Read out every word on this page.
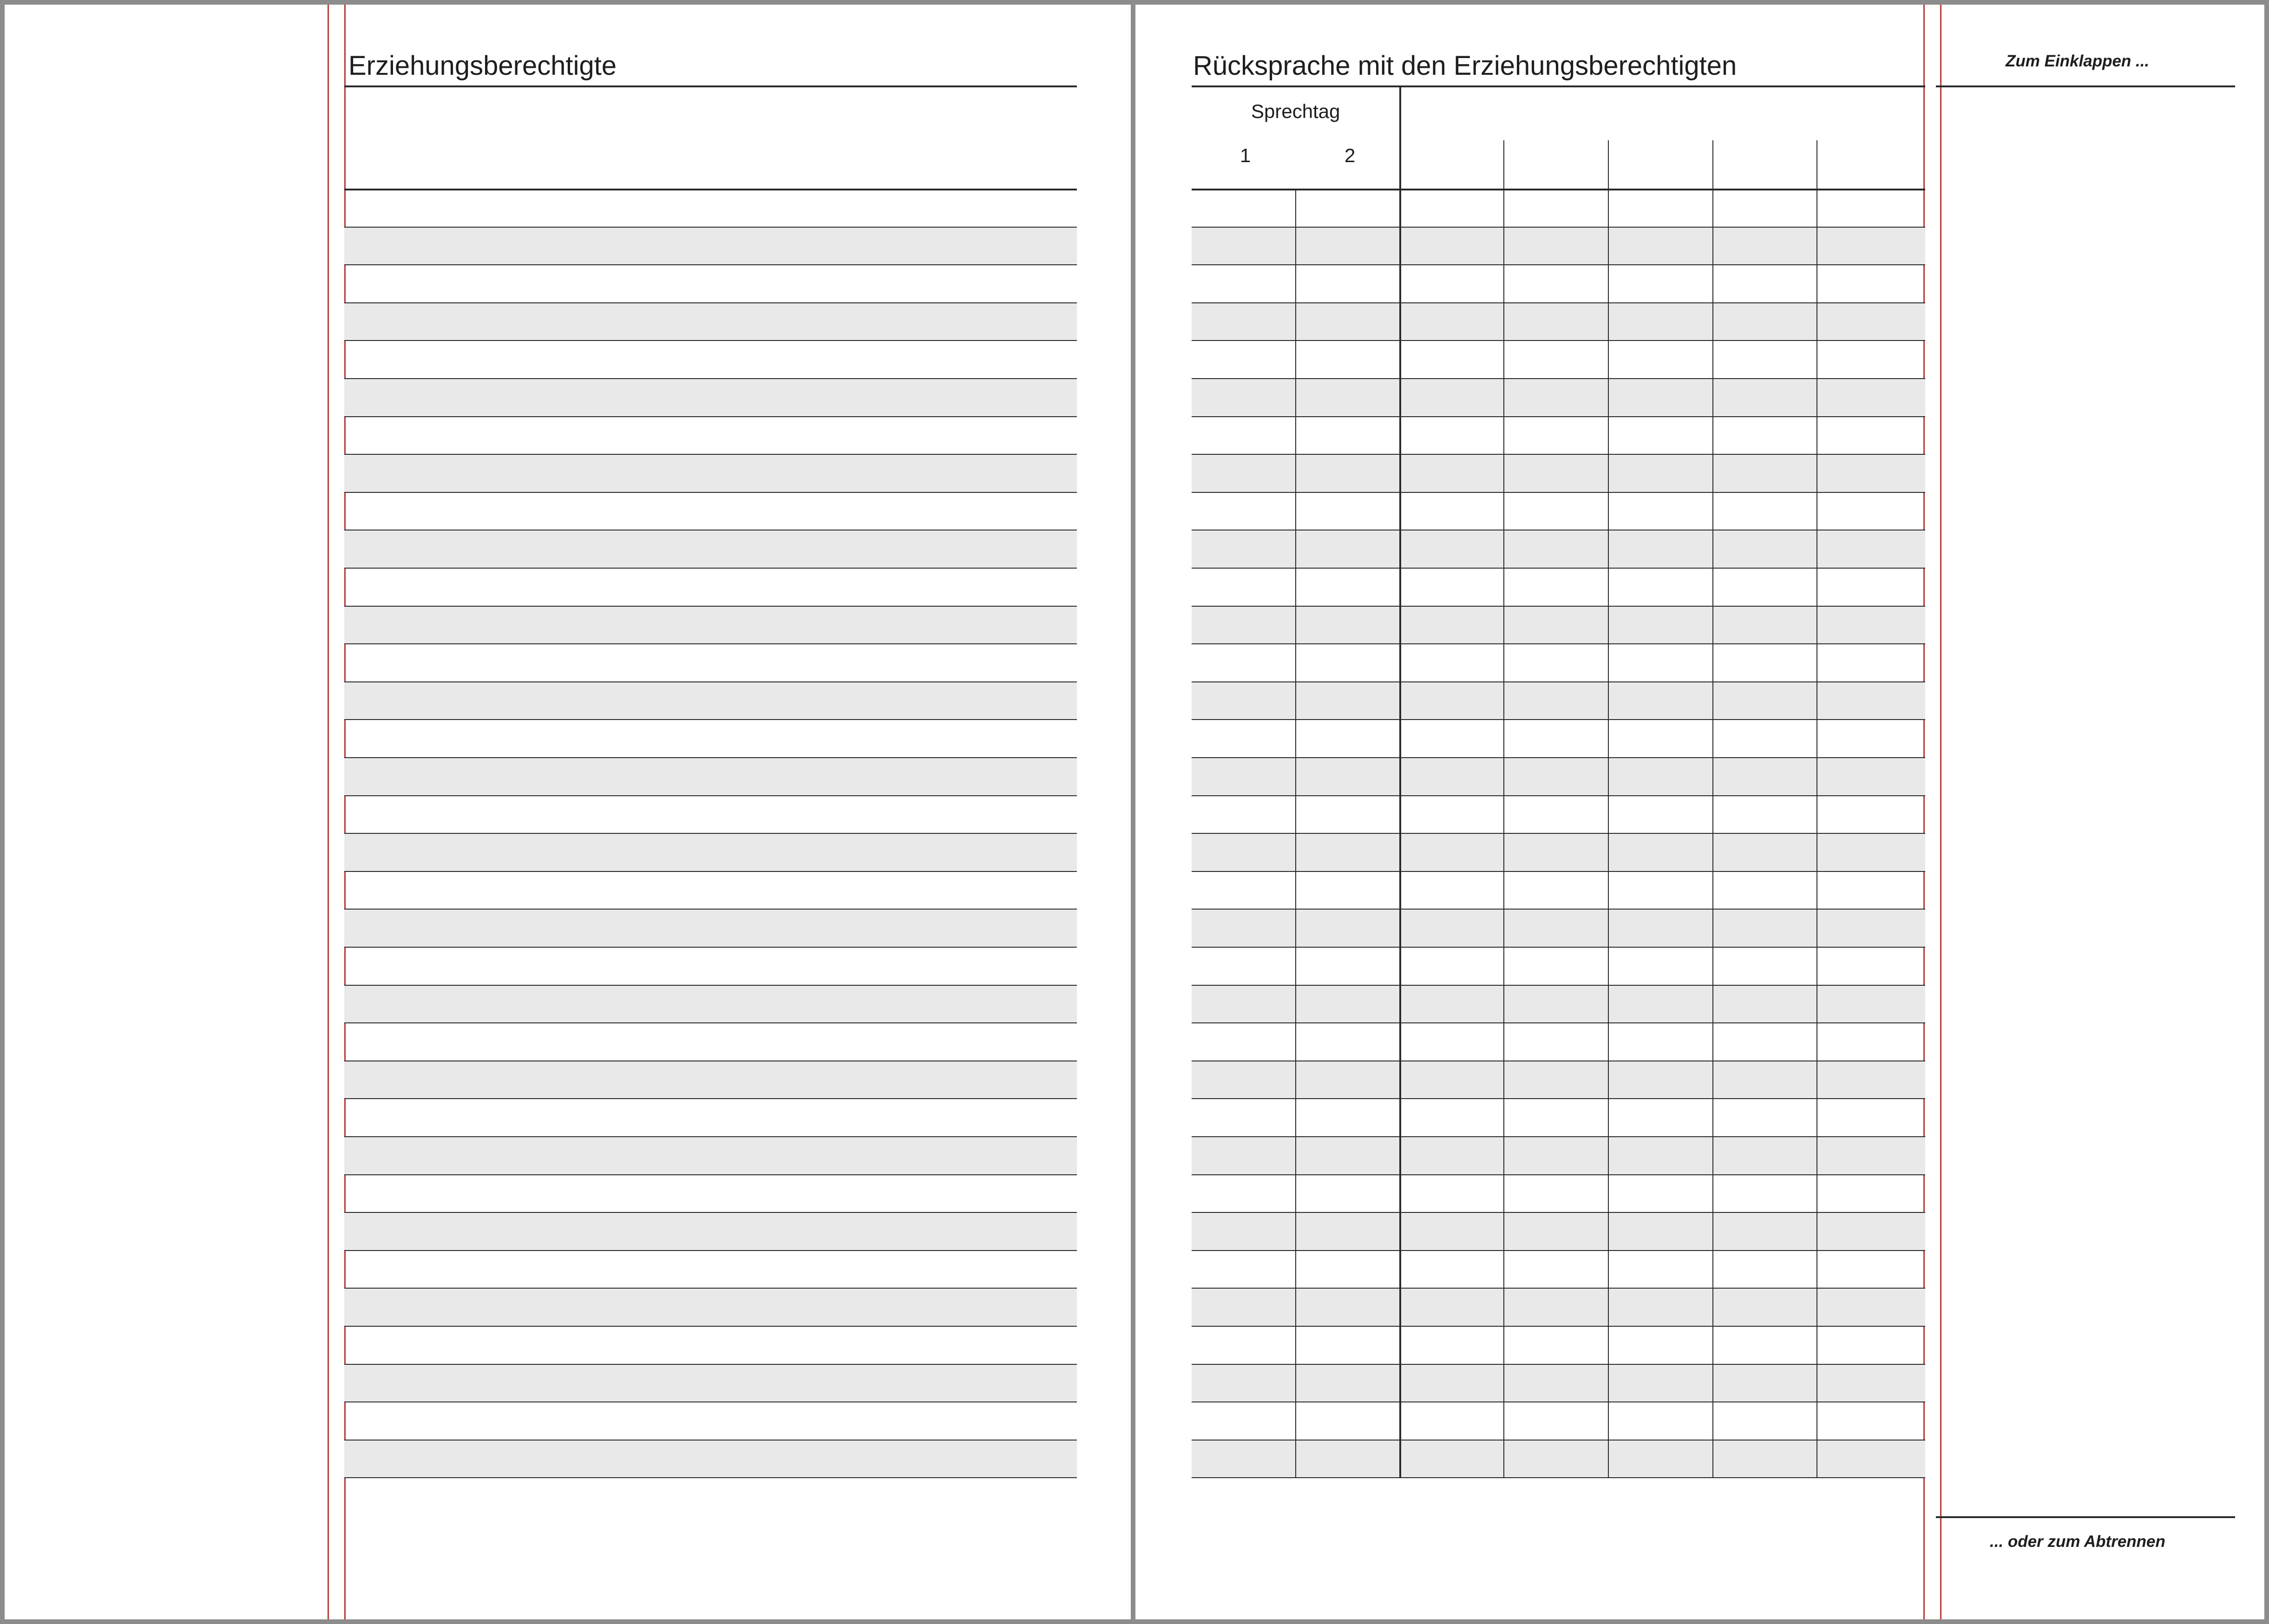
Erziehungsberechtigte	Rücksprache mit den Erziehungsberechtigten
Sprechtag
1	2
Zum Einklappen ...
... oder zum Abtrennen
